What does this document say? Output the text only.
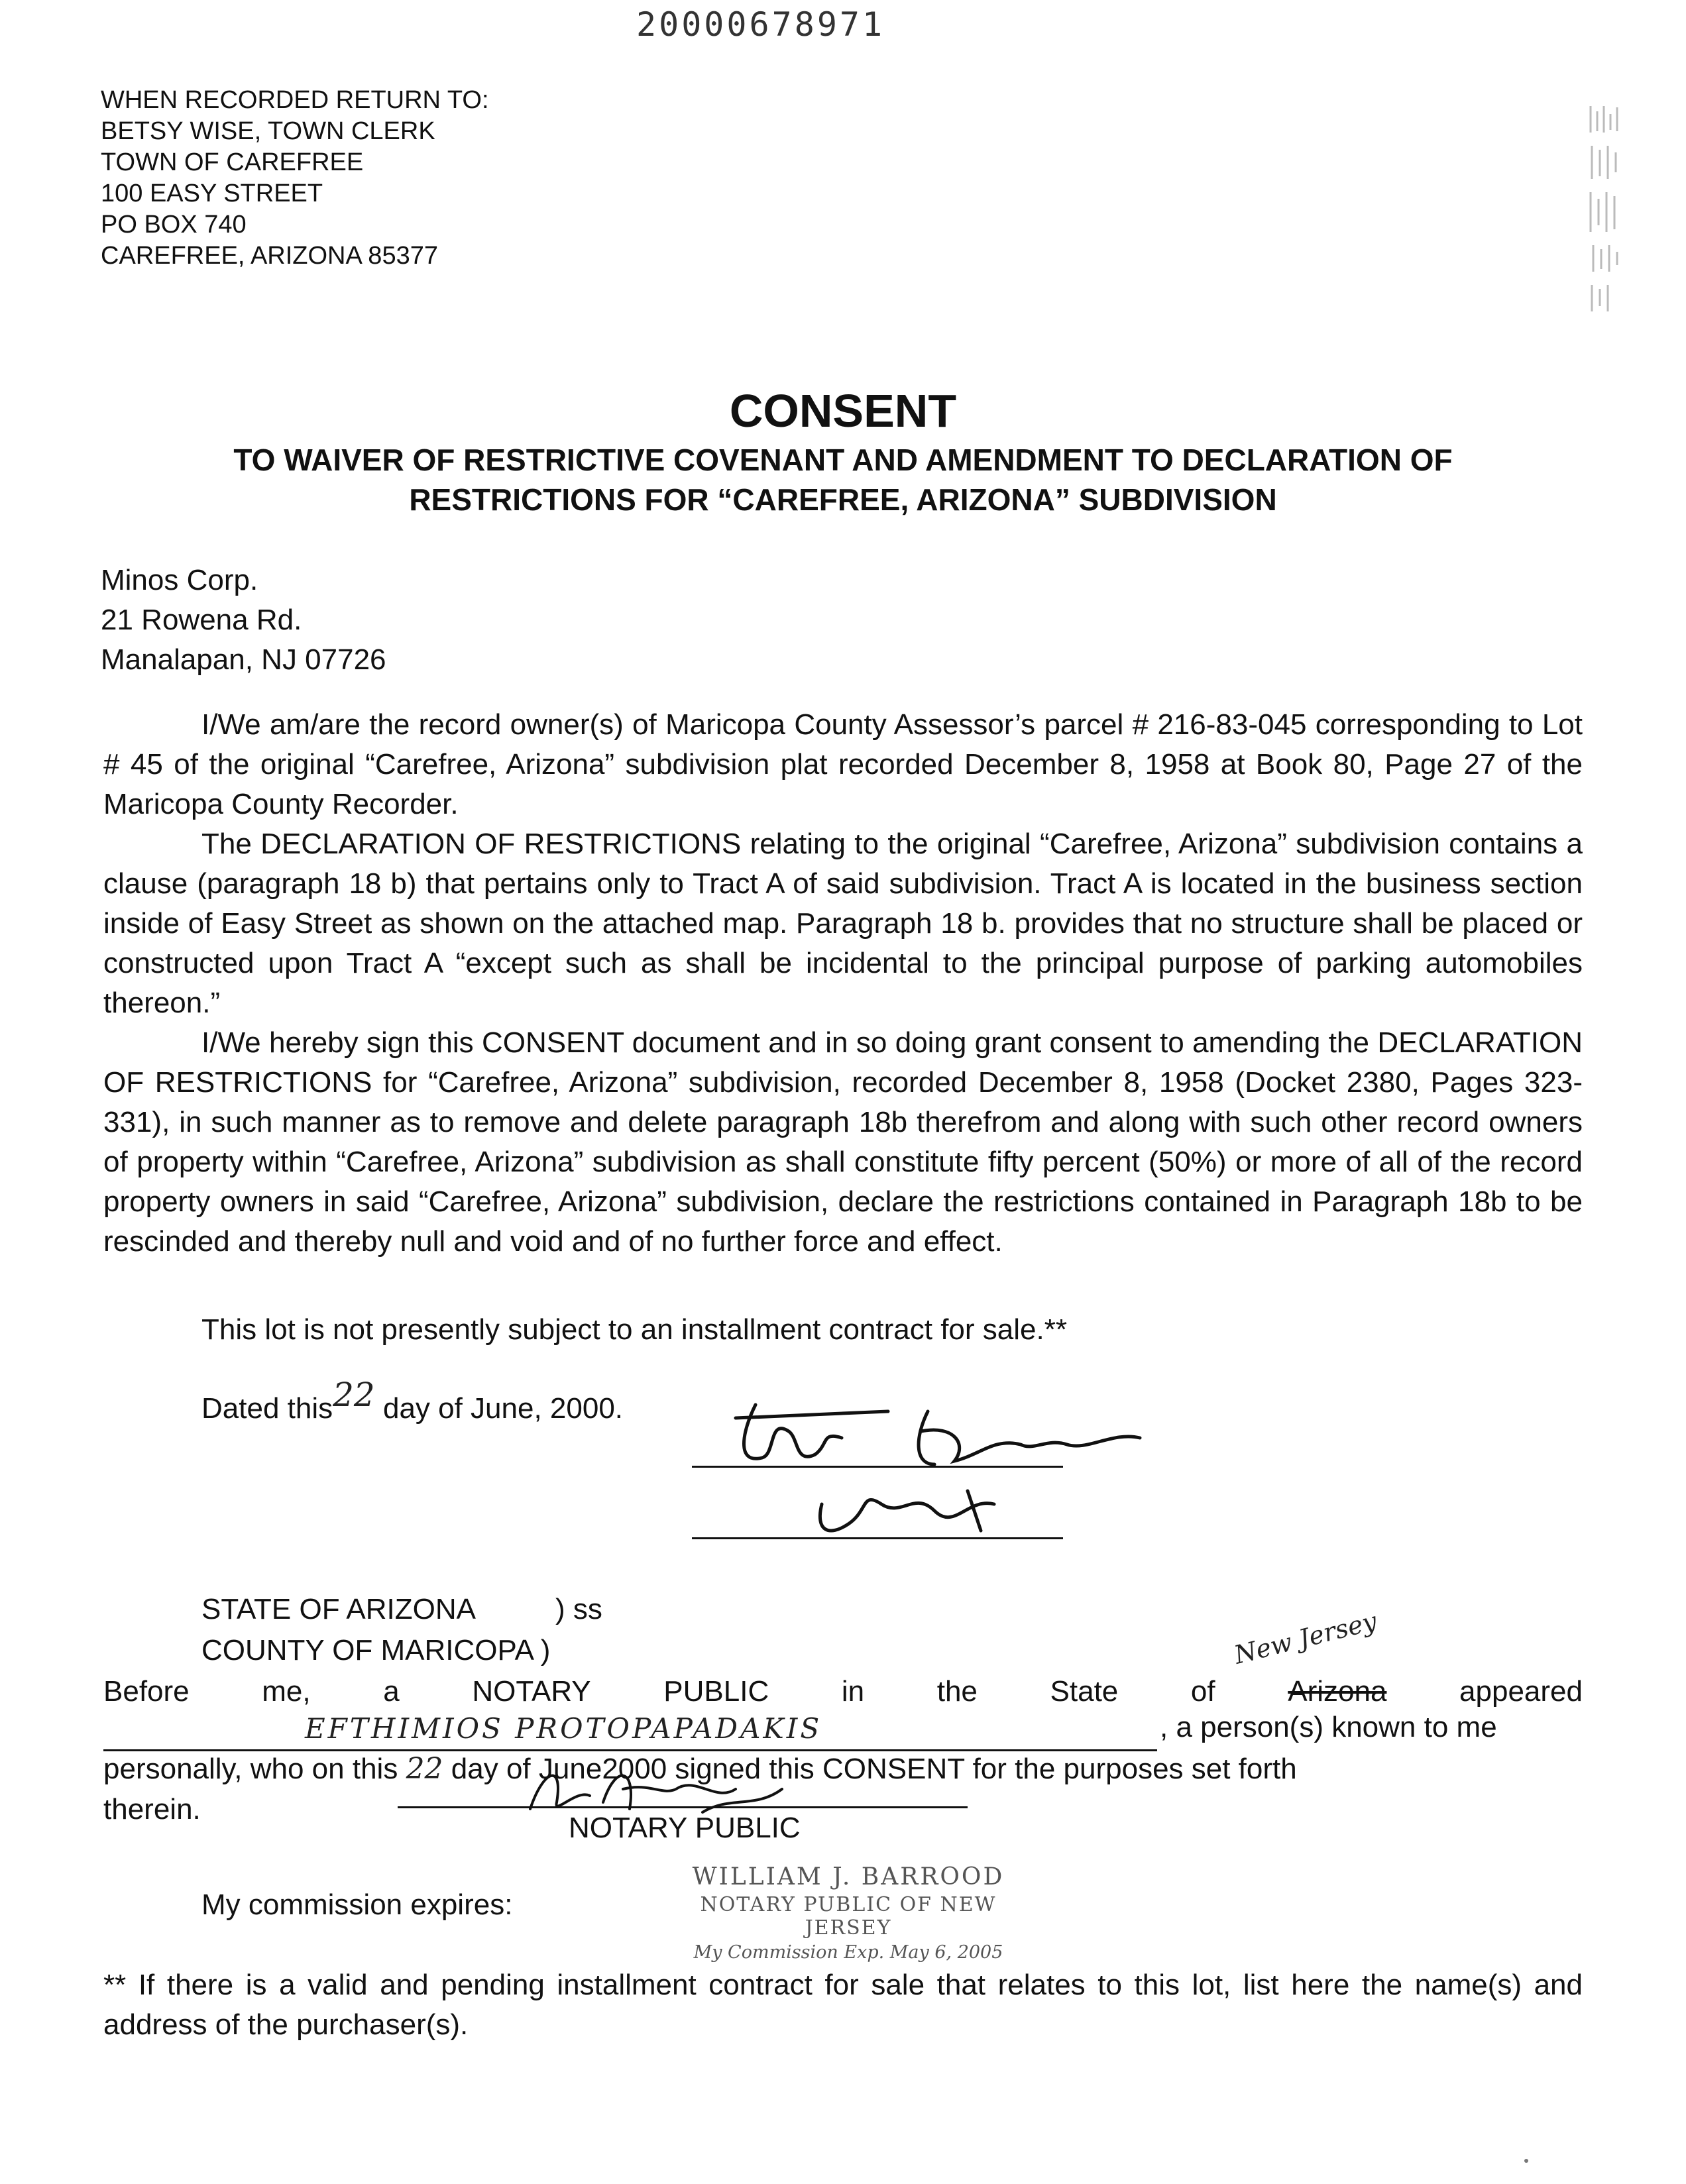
20000678971
WHEN RECORDED RETURN TO:
BETSY WISE, TOWN CLERK
TOWN OF CAREFREE
100 EASY STREET
PO BOX 740
CAREFREE, ARIZONA 85377
CONSENT
TO WAIVER OF RESTRICTIVE COVENANT AND AMENDMENT TO DECLARATION OF
RESTRICTIONS FOR “CAREFREE, ARIZONA” SUBDIVISION
Minos Corp.
21 Rowena Rd.
Manalapan, NJ 07726

I/We am/are the record owner(s) of Maricopa County Assessor’s parcel # 216-83-045 corresponding to Lot # 45 of the original “Carefree, Arizona” subdivision plat recorded December 8, 1958 at Book 80, Page 27 of the Maricopa County Recorder.

The DECLARATION OF RESTRICTIONS relating to the original “Carefree, Arizona” subdivision contains a clause (paragraph 18 b) that pertains only to Tract A of said subdivision. Tract A is located in the business section inside of Easy Street as shown on the attached map. Paragraph 18 b. provides that no structure shall be placed or constructed upon Tract A “except such as shall be incidental to the principal purpose of parking automobiles thereon.”

I/We hereby sign this CONSENT document and in so doing grant consent to amending the DECLARATION OF RESTRICTIONS for “Carefree, Arizona” subdivision, recorded December 8, 1958 (Docket 2380, Pages 323-331), in such manner as to remove and delete paragraph 18b therefrom and along with such other record owners of property within “Carefree, Arizona” subdivision as shall constitute fifty percent (50%) or more of all of the record property owners in said “Carefree, Arizona” subdivision, declare the restrictions contained in Paragraph 18b to be rescinded and thereby null and void and of no further force and effect.

This lot is not presently subject to an installment contract for sale.**
Dated this22 day of June, 2000.
STATE OF ARIZONA	) ss
COUNTY OF MARICOPA )
Before me, a NOTARY PUBLIC in the State of Arizona appeared
New Jersey
EFTHIMIOS PROTOPAPADAKIS	, a person(s) known to me
personally, who on this 22 day of June2000 signed this CONSENT for the purposes set forth
therein.
NOTARY PUBLIC
My commission expires:
WILLIAM J. BARROOD
NOTARY PUBLIC OF NEW JERSEY
My Commission Exp. May 6, 2005
** If there is a valid and pending installment contract for sale that relates to this lot, list here the name(s) and address of the purchaser(s).
